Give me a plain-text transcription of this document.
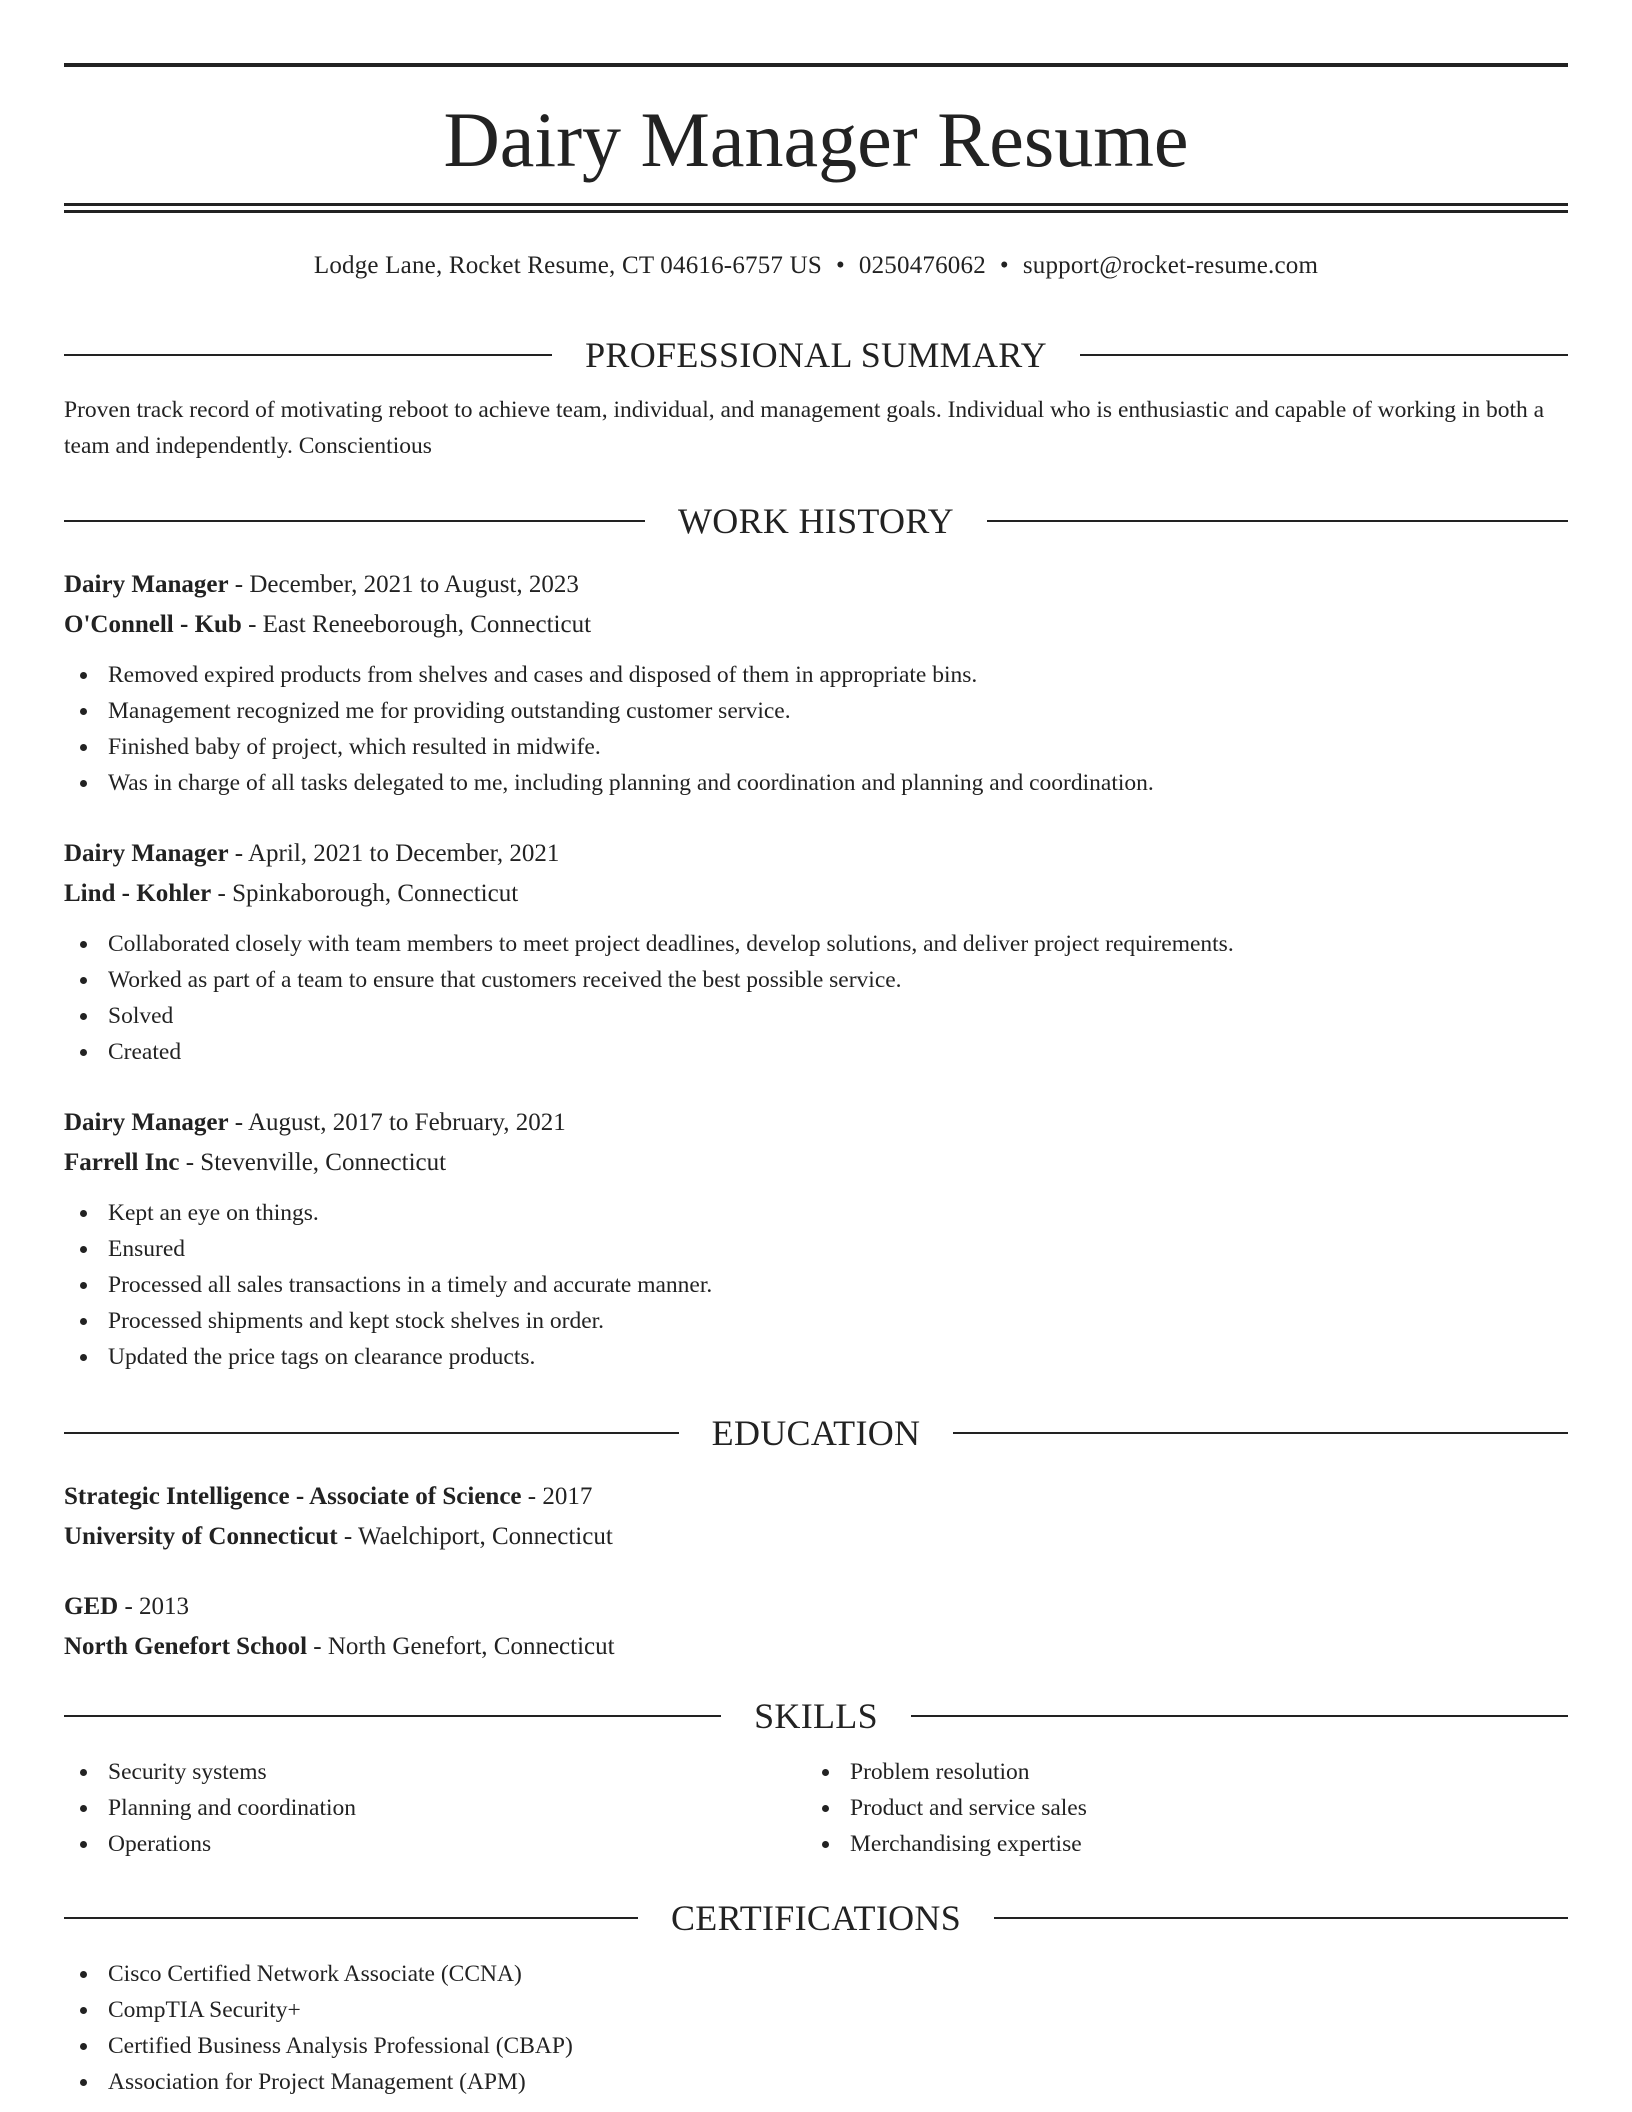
Dairy Manager Resume
Lodge Lane, Rocket Resume, CT 04616-6757 US • 0250476062 • support@rocket-resume.com
PROFESSIONAL SUMMARY

Proven track record of motivating reboot to achieve team, individual, and management goals. Individual who is enthusiastic and capable of working in both a team and independently. Conscientious

WORK HISTORY
Dairy Manager - December, 2021 to August, 2023
O'Connell - Kub - East Reneeborough, Connecticut
Removed expired products from shelves and cases and disposed of them in appropriate bins.
Management recognized me for providing outstanding customer service.
Finished baby of project, which resulted in midwife.
Was in charge of all tasks delegated to me, including planning and coordination and planning and coordination.
Dairy Manager - April, 2021 to December, 2021
Lind - Kohler - Spinkaborough, Connecticut
Collaborated closely with team members to meet project deadlines, develop solutions, and deliver project requirements.
Worked as part of a team to ensure that customers received the best possible service.
Solved
Created
Dairy Manager - August, 2017 to February, 2021
Farrell Inc - Stevenville, Connecticut
Kept an eye on things.
Ensured
Processed all sales transactions in a timely and accurate manner.
Processed shipments and kept stock shelves in order.
Updated the price tags on clearance products.
EDUCATION
Strategic Intelligence - Associate of Science - 2017
University of Connecticut - Waelchiport, Connecticut
GED - 2013
North Genefort School - North Genefort, Connecticut
SKILLS
Security systems
Planning and coordination
Operations
Problem resolution
Product and service sales
Merchandising expertise
CERTIFICATIONS
Cisco Certified Network Associate (CCNA)
CompTIA Security+
Certified Business Analysis Professional (CBAP)
Association for Project Management (APM)
